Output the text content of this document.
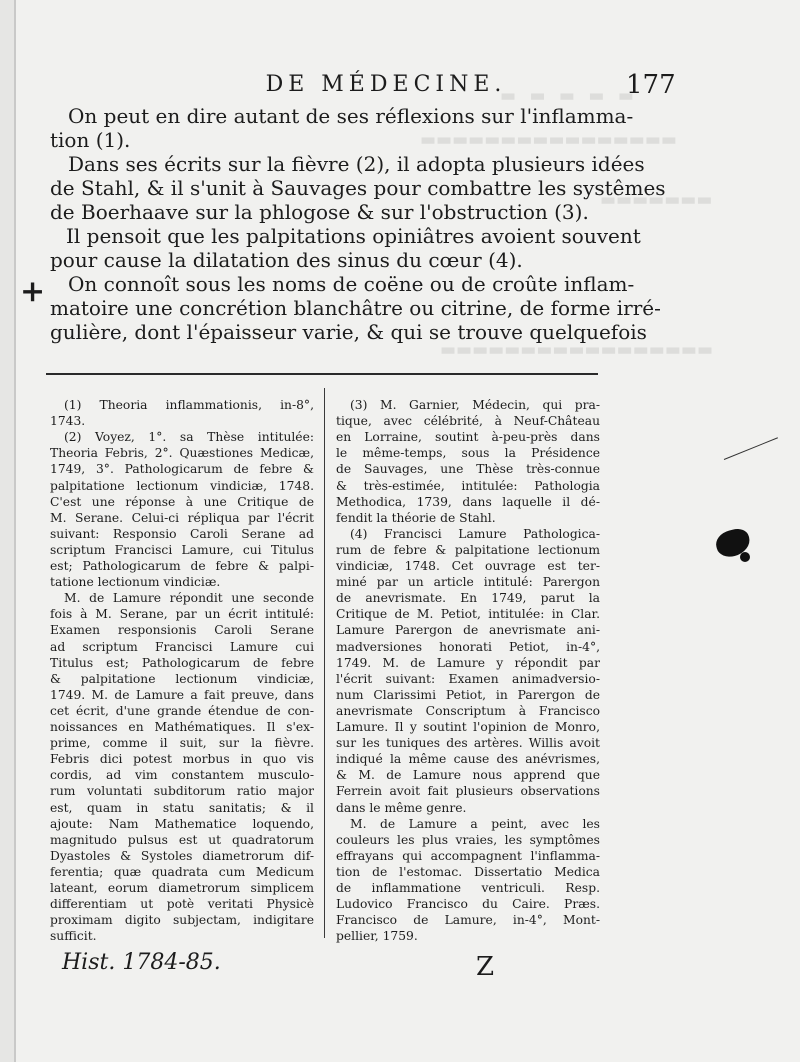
▬ ▬ ▬ ▬ ▬
▬▬▬▬▬▬▬▬▬▬▬▬▬▬▬▬
▬▬▬▬▬▬▬
▬▬▬▬▬▬▬▬▬▬▬▬▬▬▬▬▬
DE MÉDECINE.	177
+

On peut en dire autant de ses réflexions sur l'inflamma-

tion (1).

Dans ses écrits sur la fièvre (2), il adopta plusieurs idées

de Stahl, & il s'unit à Sauvages pour combattre les systêmes

de Boerhaave sur la phlogose & sur l'obstruction (3).

Il pensoit que les palpitations opiniâtres avoient souvent

pour cause la dilatation des sinus du cœur (4).

On connoît sous les noms de coëne ou de croûte inflam-

matoire une concrétion blanchâtre ou citrine, de forme irré-

gulière, dont l'épaisseur varie, & qui se trouve quelquefois

(1) Theoria inflammationis, in-8°,

1743.

(2) Voyez, 1°. sa Thèse intitulée:

Theoria Febris, 2°. Quæstiones Medicæ,

1749, 3°. Pathologicarum de febre &

palpitatione lectionum vindiciæ, 1748.

C'est une réponse à une Critique de

M. Serane. Celui-ci répliqua par l'écrit

suivant: Responsio Caroli Serane ad

scriptum Francisci Lamure, cui Titulus

est; Pathologicarum de febre & palpi-

tatione lectionum vindiciæ.

M. de Lamure répondit une seconde

fois à M. Serane, par un écrit intitulé:

Examen responsionis Caroli Serane

ad scriptum Francisci Lamure cui

Titulus est; Pathologicarum de febre

& palpitatione lectionum vindiciæ,

1749. M. de Lamure a fait preuve, dans

cet écrit, d'une grande étendue de con-

noissances en Mathématiques. Il s'ex-

prime, comme il suit, sur la fièvre.

Febris dici potest morbus in quo vis

cordis, ad vim constantem musculo-

rum voluntati subditorum ratio major

est, quam in statu sanitatis; & il

ajoute: Nam Mathematice loquendo,

magnitudo pulsus est ut quadratorum

Dyastoles & Systoles diametrorum dif-

ferentia; quæ quadrata cum Medicum

lateant, eorum diametrorum simplicem

differentiam ut potè veritati Physicè

proximam digito subjectam, indigitare

sufficit.

(3) M. Garnier, Médecin, qui pra-

tique, avec célébrité, à Neuf-Château

en Lorraine, soutint à-peu-près dans

le même-temps, sous la Présidence

de Sauvages, une Thèse très-connue

& très-estimée, intitulée: Pathologia

Methodica, 1739, dans laquelle il dé-

fendit la théorie de Stahl.

(4) Francisci Lamure Pathologica-

rum de febre & palpitatione lectionum

vindiciæ, 1748. Cet ouvrage est ter-

miné par un article intitulé: Parergon

de anevrismate. En 1749, parut la

Critique de M. Petiot, intitulée: in Clar.

Lamure Parergon de anevrismate ani-

madversiones honorati Petiot, in-4°,

1749. M. de Lamure y répondit par

l'écrit suivant: Examen animadversio-

num Clarissimi Petiot, in Parergon de

anevrismate Conscriptum à Francisco

Lamure. Il y soutint l'opinion de Monro,

sur les tuniques des artères. Willis avoit

indiqué la même cause des anévrismes,

& M. de Lamure nous apprend que

Ferrein avoit fait plusieurs observations

dans le même genre.

M. de Lamure a peint, avec les

couleurs les plus vraies, les symptômes

effrayans qui accompagnent l'inflamma-

tion de l'estomac. Dissertatio Medica

de inflammatione ventriculi. Resp.

Ludovico Francisco du Caire. Præs.

Francisco de Lamure, in-4°, Mont-

pellier, 1759.

Hist. 1784-85.	Z
